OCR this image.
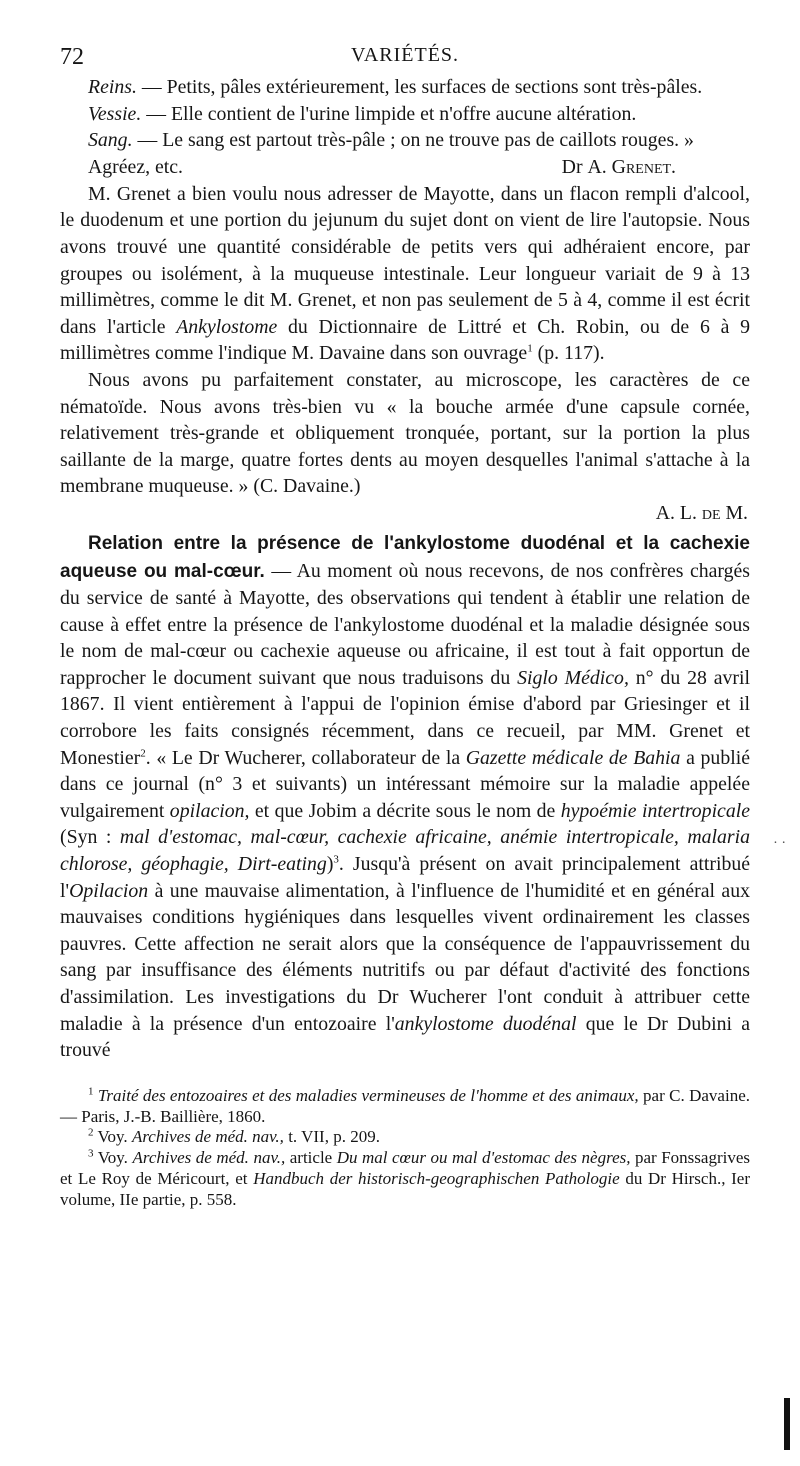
72	VARIÉTÉS.

Reins. — Petits, pâles extérieurement, les surfaces de sections sont très-pâles.

Vessie. — Elle contient de l'urine limpide et n'offre aucune altération.

Sang. — Le sang est partout très-pâle ; on ne trouve pas de caillots rouges. »

Agréez, etc.	Dr A. Grenet.

M. Grenet a bien voulu nous adresser de Mayotte, dans un flacon rempli d'alcool, le duodenum et une portion du jejunum du sujet dont on vient de lire l'autopsie. Nous avons trouvé une quantité considérable de petits vers qui adhéraient encore, par groupes ou isolément, à la muqueuse intestinale. Leur longueur variait de 9 à 13 millimètres, comme le dit M. Grenet, et non pas seulement de 5 à 4, comme il est écrit dans l'article Ankylostome du Dictionnaire de Littré et Ch. Robin, ou de 6 à 9 millimètres comme l'indique M. Davaine dans son ouvrage$^1$ (p. 117).

Nous avons pu parfaitement constater, au microscope, les caractères de ce nématoïde. Nous avons très-bien vu « la bouche armée d'une capsule cornée, relativement très-grande et obliquement tronquée, portant, sur la portion la plus saillante de la marge, quatre fortes dents au moyen desquelles l'animal s'attache à la membrane muqueuse. » (C. Davaine.)

A. L. de M.

Relation entre la présence de l'ankylostome duodénal et la cachexie aqueuse ou mal-cœur. — Au moment où nous recevons, de nos confrères chargés du service de santé à Mayotte, des observations qui tendent à établir une relation de cause à effet entre la présence de l'ankylostome duodénal et la maladie désignée sous le nom de mal-cœur ou cachexie aqueuse ou africaine, il est tout à fait opportun de rapprocher le document suivant que nous traduisons du Siglo Médico, n° du 28 avril 1867. Il vient entièrement à l'appui de l'opinion émise d'abord par Griesinger et il corrobore les faits consignés récemment, dans ce recueil, par MM. Grenet et Monestier$^2$. « Le Dr Wucherer, collaborateur de la Gazette médicale de Bahia a publié dans ce journal (n° 3 et suivants) un intéressant mémoire sur la maladie appelée vulgairement opilacion, et que Jobim a décrite sous le nom de hypoémie intertropicale (Syn : mal d'estomac, mal-cœur, cachexie africaine, anémie intertropicale, malaria chlorose, géophagie, Dirt-eating)$^3$. Jusqu'à présent on avait principalement attribué l'Opilacion à une mauvaise alimentation, à l'influence de l'humidité et en général aux mauvaises conditions hygiéniques dans lesquelles vivent ordinairement les classes pauvres. Cette affection ne serait alors que la conséquence de l'appauvrissement du sang par insuffisance des éléments nutritifs ou par défaut d'activité des fonctions d'assimilation. Les investigations du Dr Wucherer l'ont conduit à attribuer cette maladie à la présence d'un entozoaire l'ankylostome duodénal que le Dr Dubini a trouvé

$^1$ Traité des entozoaires et des maladies vermineuses de l'homme et des animaux, par C. Davaine. — Paris, J.-B. Baillière, 1860.

$^2$ Voy. Archives de méd. nav., t. VII, p. 209.

$^3$ Voy. Archives de méd. nav., article Du mal cœur ou mal d'estomac des nègres, par Fonssagrives et Le Roy de Méricourt, et Handbuch der historisch-geographischen Pathologie du Dr Hirsch., Ier volume, IIe partie, p. 558.

· ·
